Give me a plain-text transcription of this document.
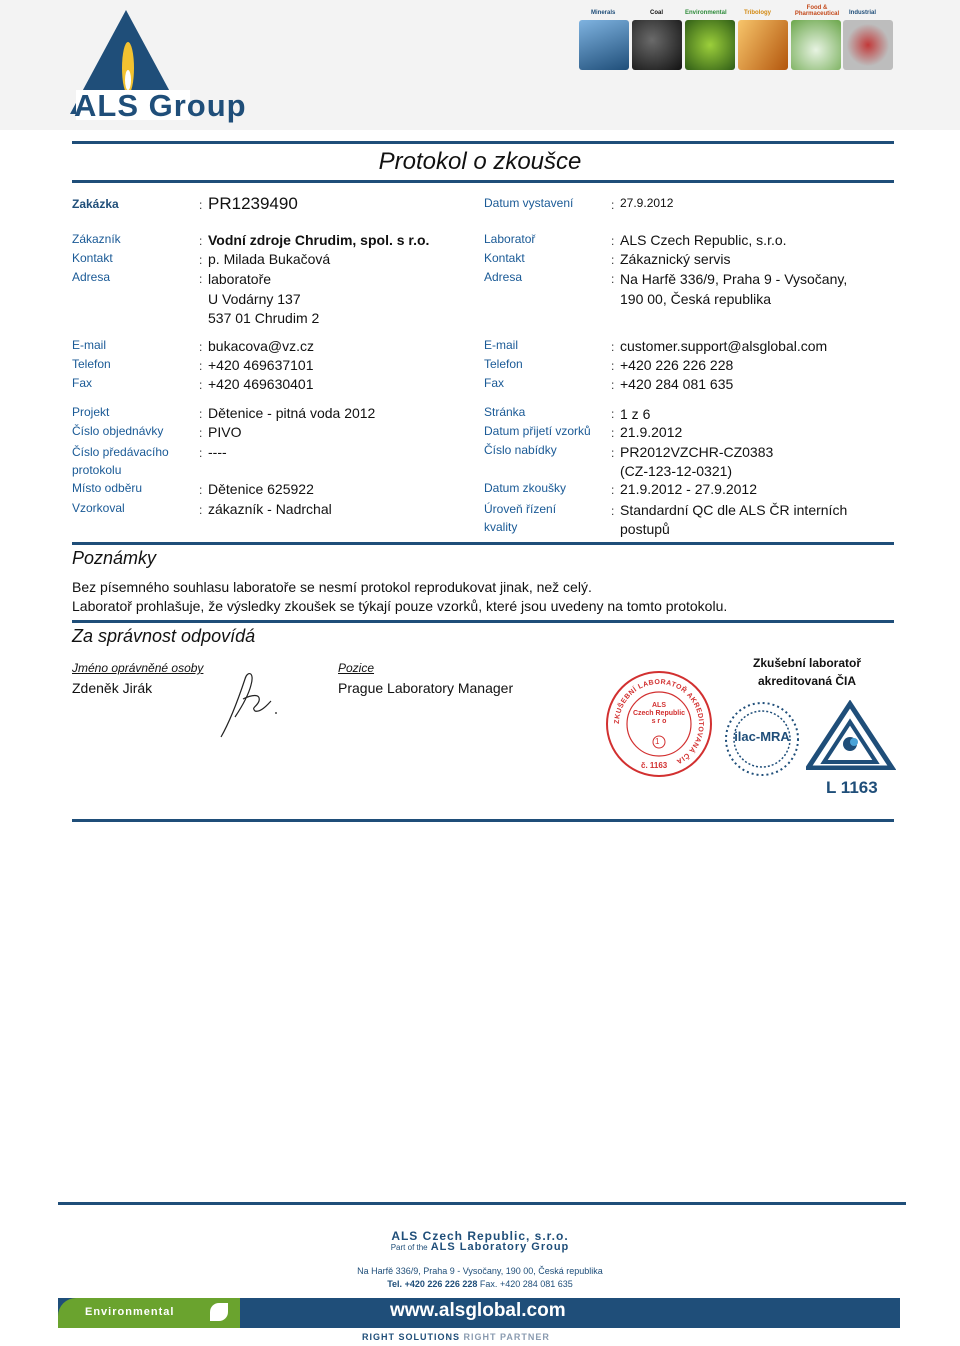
ALS Group
Minerals	Coal	Environmental	Tribology
Food & Pharmaceutical	Industrial
Protokol o zkoušce
Zakázka	: PR1239490
Zákazník	: Vodní zdroje Chrudim, spol. s r.o.
Kontakt	: p. Milada Bukačová
Adresa	: laboratoře
U Vodárny 137
537 01 Chrudim 2
E-mail	: bukacova@vz.cz
Telefon	: +420 469637101
Fax	: +420 469630401
Projekt	: Dětenice - pitná voda 2012
Číslo objednávky	: PIVO
Číslo předávacího
protokolu
: ----
Místo odběru	: Dětenice 625922
Vzorkoval	: zákazník - Nadrchal
Datum vystavení	: 27.9.2012
Laboratoř	: ALS Czech Republic, s.r.o.
Kontakt	: Zákaznický servis
Adresa	: Na Harfě 336/9, Praha 9 - Vysočany,
190 00, Česká republika
E-mail	: customer.support@alsglobal.com
Telefon	: +420 226 226 228
Fax	: +420 284 081 635
Stránka	: 1 z 6
Datum přijetí vzorků : 21.9.2012
Číslo nabídky	: PR2012VZCHR-CZ0383
(CZ-123-12-0321)
Datum zkoušky	: 21.9.2012 - 27.9.2012
Úroveň řízení
kvality
: Standardní QC dle ALS ČR interních
postupů
Poznámky
Bez písemného souhlasu laboratoře se nesmí protokol reprodukovat jinak, než celý.
Laboratoř prohlašuje, že výsledky zkoušek se týkají pouze vzorků, které jsou uvedeny na tomto protokolu.
Za správnost odpovídá
Jméno oprávněné osoby
Zdeněk Jirák
Pozice
Prague Laboratory Manager
Zkušební laboratoř
akreditovaná ČIA
ZKUŠEBNÍ LABORATOŘ AKREDITOVANÁ ČIA
ALS
Czech Republic
s r o
1
č. 1163
ilac-MRA
L 1163
ALS Czech Republic, s.r.o.
Part of the ALS Laboratory Group
Na Harfě 336/9, Praha 9 - Vysočany, 190 00, Česká republika
Tel. +420 226 226 228 Fax. +420 284 081 635
Environmental	www.alsglobal.com
RIGHT SOLUTIONS RIGHT PARTNER
